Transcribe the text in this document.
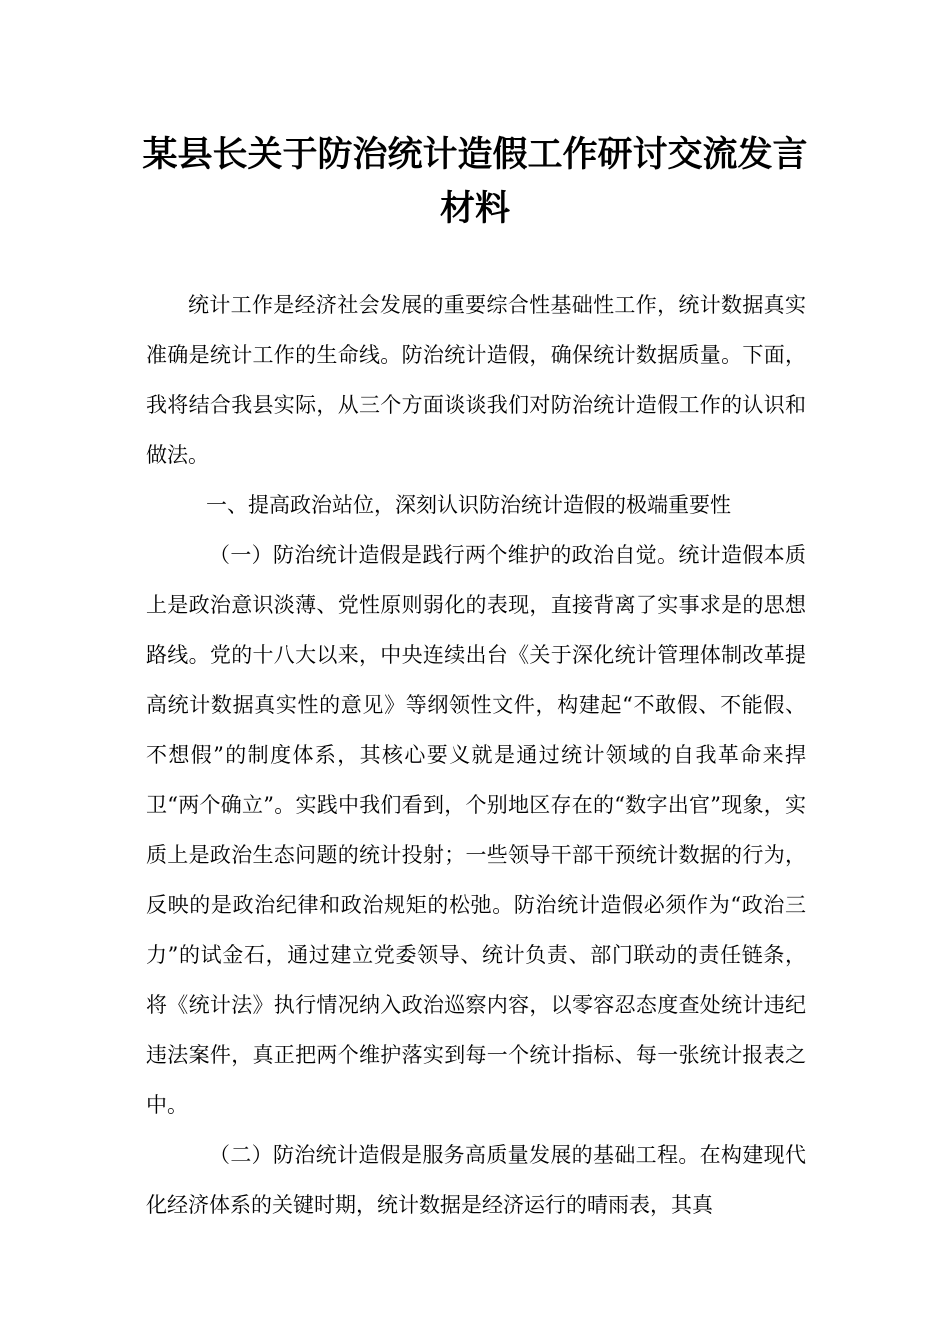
某县长关于防治统计造假工作研讨交流发言材料

统计工作是经济社会发展的重要综合性基础性工作，统计数据真实准确是统计工作的生命线。防治统计造假，确保统计数据质量。下面，我将结合我县实际，从三个方面谈谈我们对防治统计造假工作的认识和做法。

一、提高政治站位，深刻认识防治统计造假的极端重要性

（一）防治统计造假是践行两个维护的政治自觉。统计造假本质上是政治意识淡薄、党性原则弱化的表现，直接背离了实事求是的思想路线。党的十八大以来，中央连续出台《关于深化统计管理体制改革提高统计数据真实性的意见》等纲领性文件，构建起“不敢假、不能假、不想假”的制度体系，其核心要义就是通过统计领域的自我革命来捍卫“两个确立”。实践中我们看到，个别地区存在的“数字出官”现象，实质上是政治生态问题的统计投射；一些领导干部干预统计数据的行为，反映的是政治纪律和政治规矩的松弛。防治统计造假必须作为“政治三力”的试金石，通过建立党委领导、统计负责、部门联动的责任链条，将《统计法》执行情况纳入政治巡察内容，以零容忍态度查处统计违纪违法案件，真正把两个维护落实到每一个统计指标、每一张统计报表之中。

（二）防治统计造假是服务高质量发展的基础工程。在构建现代化经济体系的关键时期，统计数据是经济运行的晴雨表，其真
